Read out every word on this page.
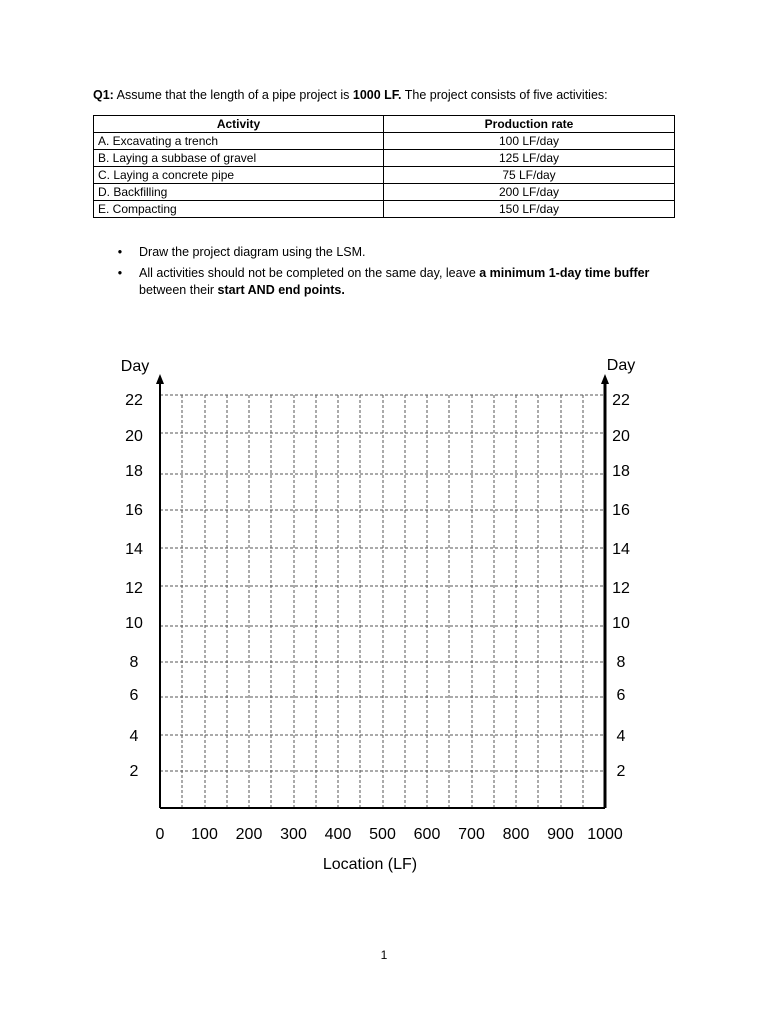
Q1: Assume that the length of a pipe project is 1000 LF. The project consists of five activities:
Activity	Production rate
A. Excavating a trench	100 LF/day
B. Laying a subbase of gravel	125 LF/day
C. Laying a concrete pipe	75 LF/day
D. Backfilling	200 LF/day
E. Compacting	150 LF/day
• Draw the project diagram using the LSM.
• All activities should not be completed on the same day, leave a minimum 1-day time buffer between their start AND end points.
2	2
4	4
6	6
8	8
10	10
12	12
14	14
16	16
18	18
20	20
22	22
0 100 200 300 400 500 600 700 800 900 1000
Day	Day
Location (LF)
1
